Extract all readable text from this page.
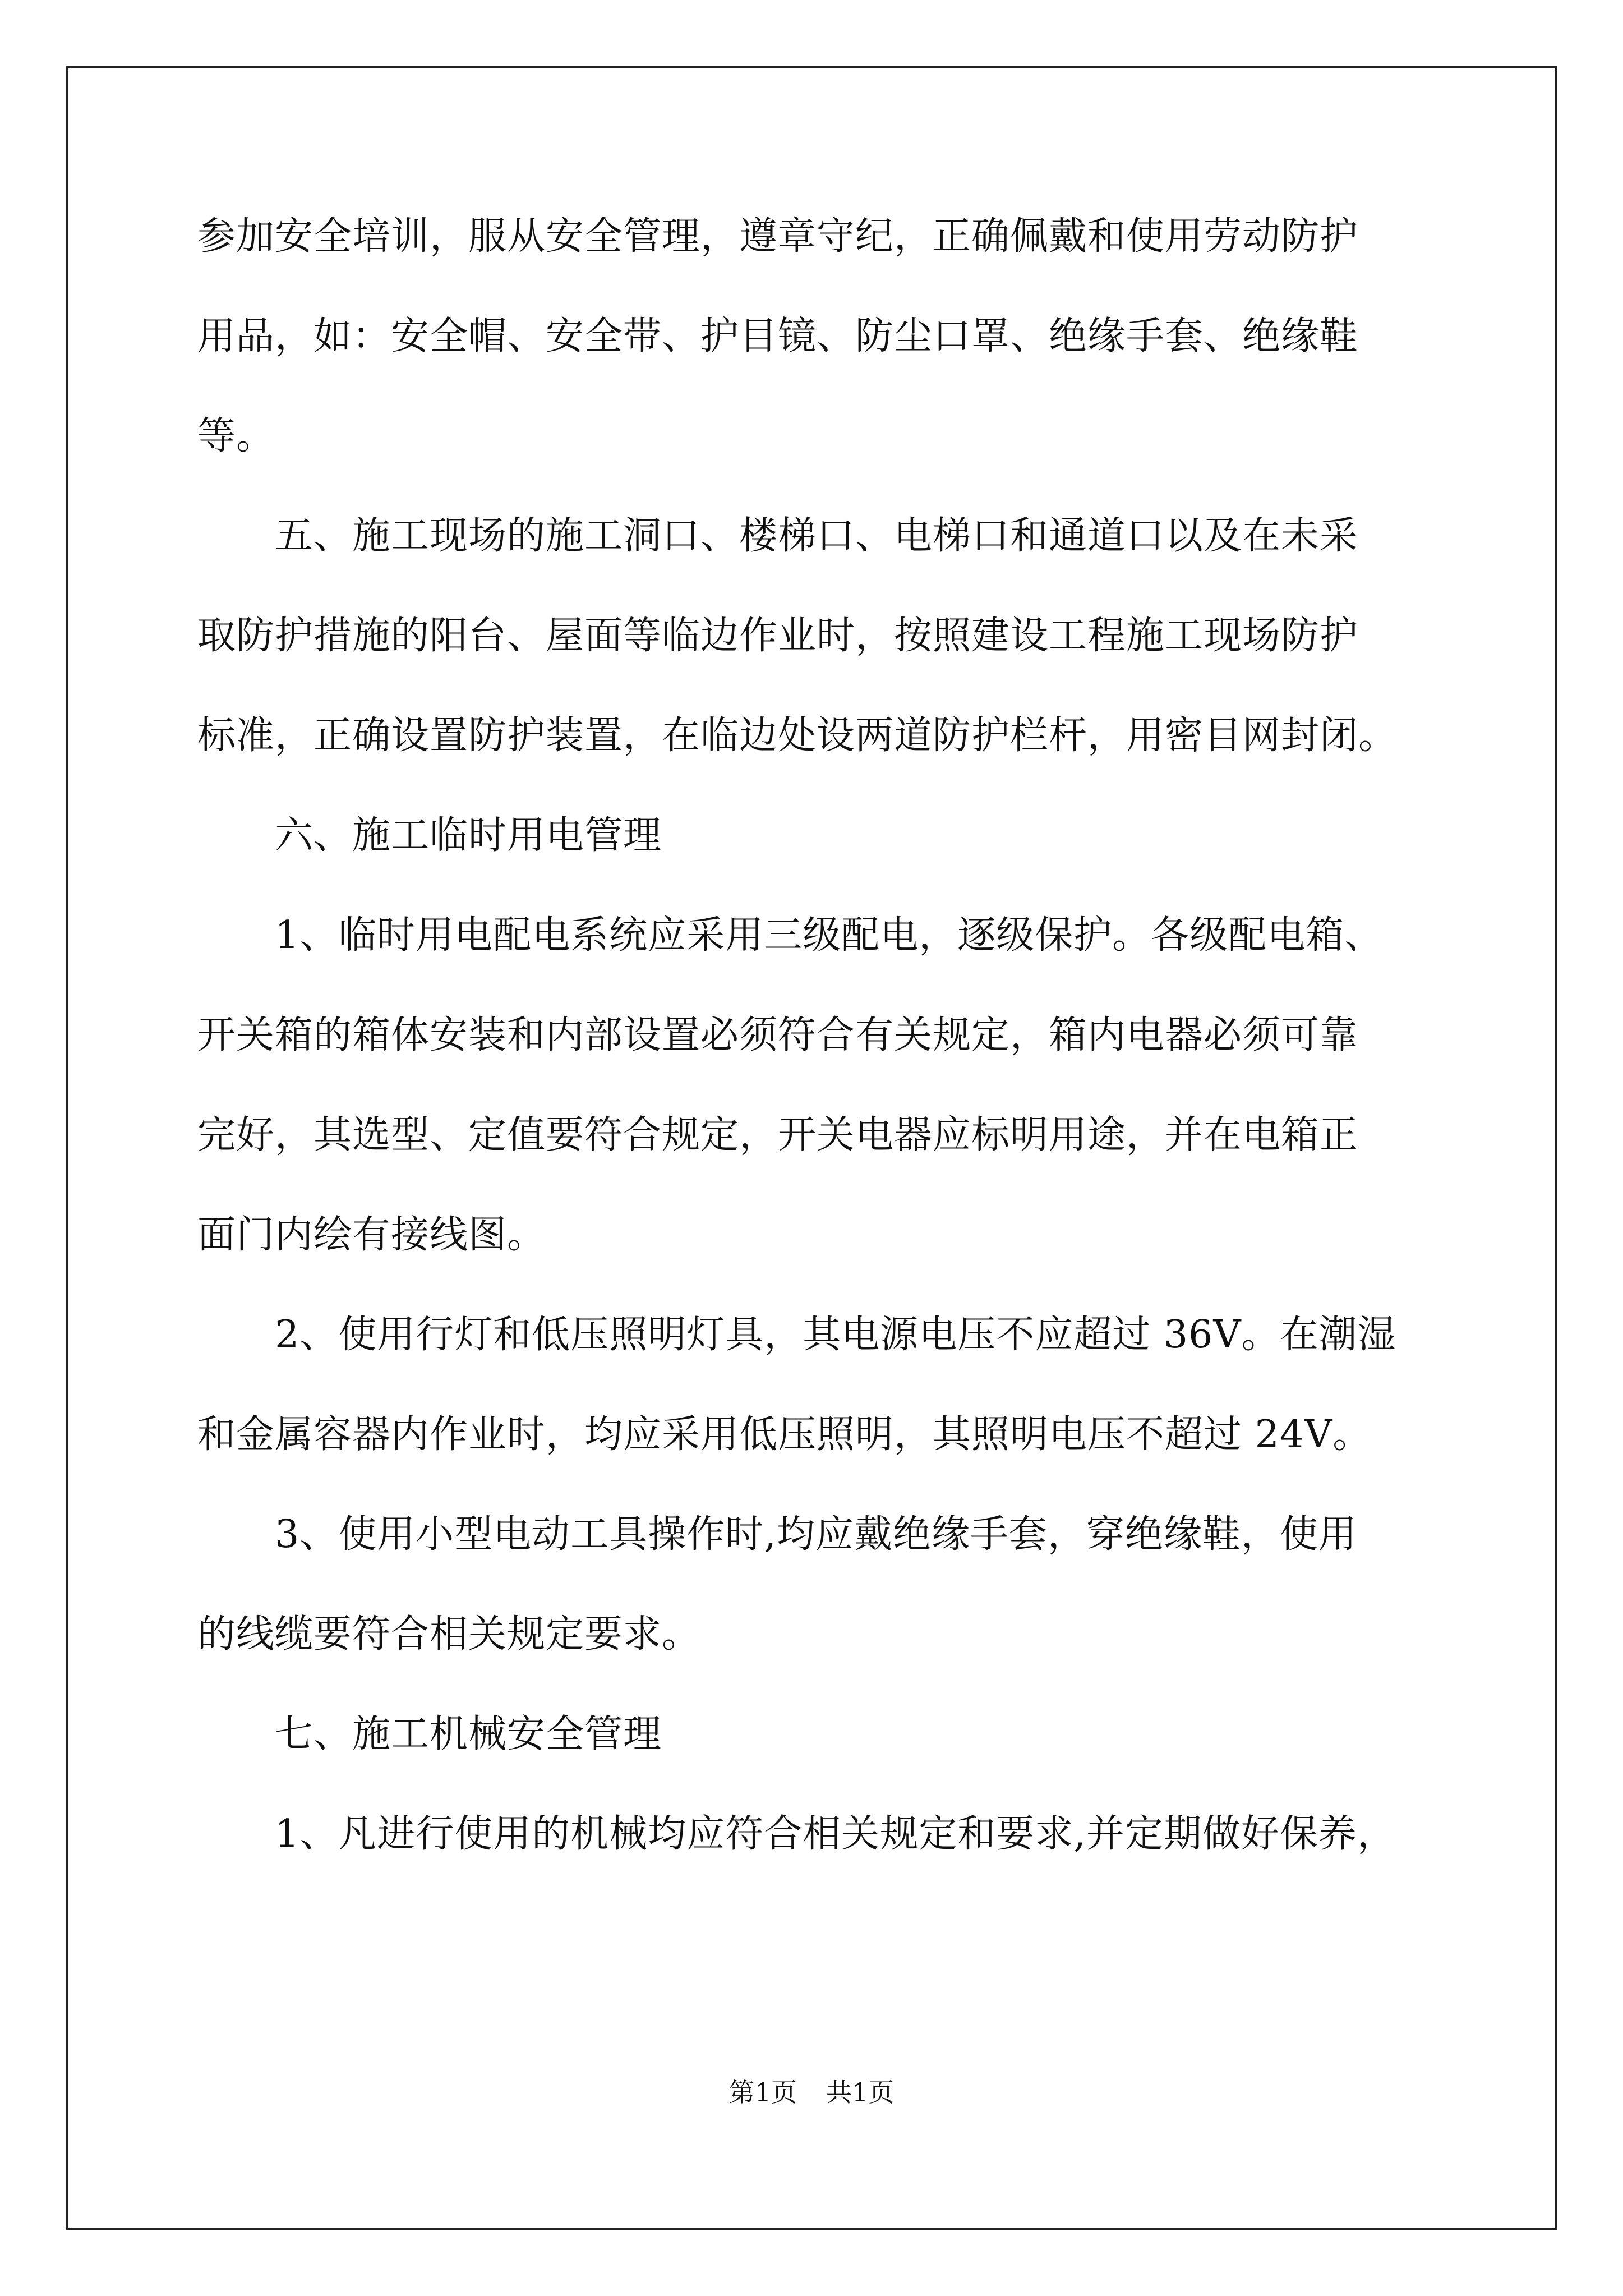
参加安全培训，服从安全管理，遵章守纪，正确佩戴和使用劳动防护
用品，如：安全帽、安全带、护目镜、防尘口罩、绝缘手套、绝缘鞋
等。
　　五、施工现场的施工洞口、楼梯口、电梯口和通道口以及在未采
取防护措施的阳台、屋面等临边作业时，按照建设工程施工现场防护
标准，正确设置防护装置，在临边处设两道防护栏杆，用密目网封闭。
　　六、施工临时用电管理
　　1、临时用电配电系统应采用三级配电，逐级保护。各级配电箱、
开关箱的箱体安装和内部设置必须符合有关规定，箱内电器必须可靠
完好，其选型、定值要符合规定，开关电器应标明用途，并在电箱正
面门内绘有接线图。
　　2、使用行灯和低压照明灯具，其电源电压不应超过 36V。在潮湿
和金属容器内作业时，均应采用低压照明，其照明电压不超过 24V。
　　3、使用小型电动工具操作时,均应戴绝缘手套，穿绝缘鞋，使用
的线缆要符合相关规定要求。
　　七、施工机械安全管理
　　1、凡进行使用的机械均应符合相关规定和要求,并定期做好保养，
第1页 共1页
